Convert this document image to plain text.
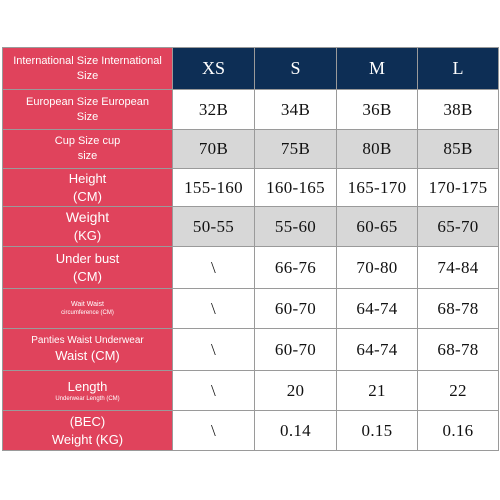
International Size International
Size	XS	S	M	L

European Size European
Size	32B	34B	36B	38B

Cup Size cup
size	70B	75B	80B	85B

Height
(CM)	155-160	160-165	165-170	170-175

Weight
(KG)	50-55	55-60	60-65	65-70

Under bust
(CM)	\	66-76	70-80	74-84

Wait Waist
circumference (CM)	\	60-70	64-74	68-78

Panties Waist Underwear
Waist (CM)	\	60-70	64-74	68-78

Length
Underwear Length (CM)	\	20	21	22

(BEC)
Weight (KG)	\	0.14	0.15	0.16
